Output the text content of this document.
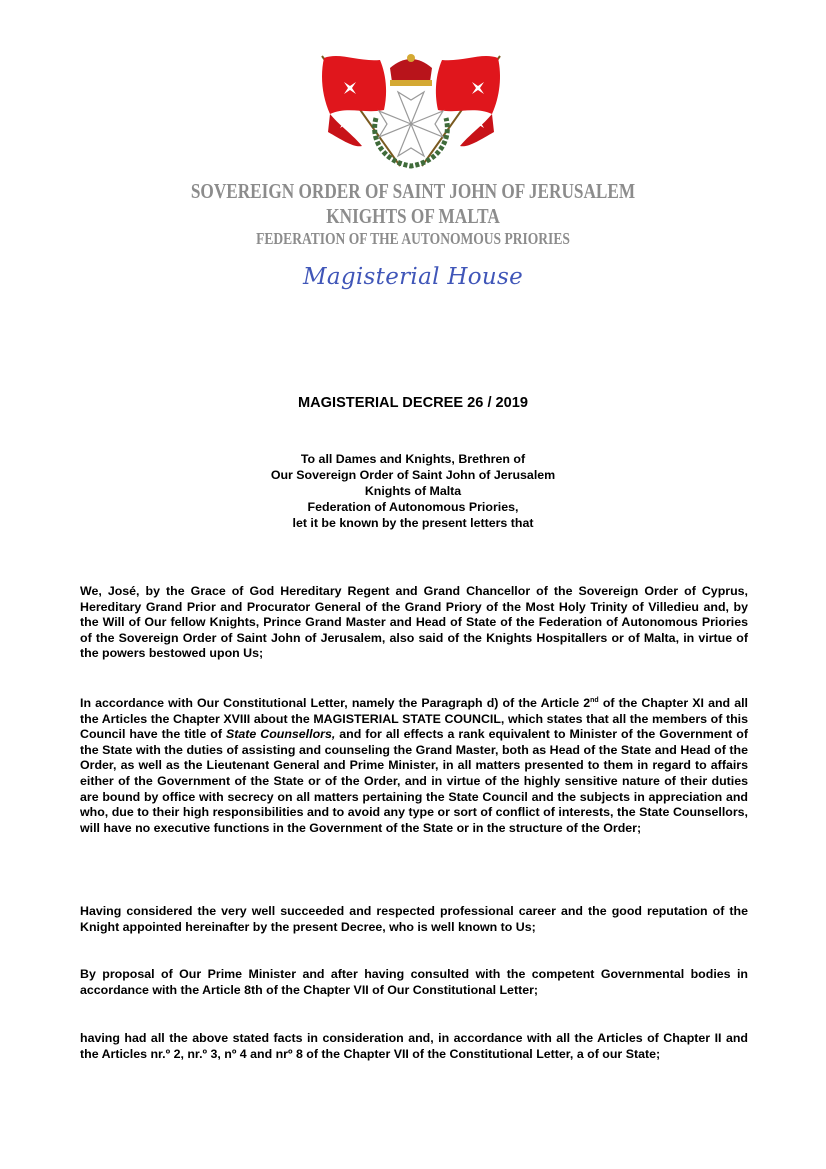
SOVEREIGN ORDER OF SAINT JOHN OF JERUSALEM
KNIGHTS OF MALTA
FEDERATION OF THE AUTONOMOUS PRIORIES
Magisterial House
MAGISTERIAL DECREE 26 / 2019
To all Dames and Knights, Brethren of
Our Sovereign Order of Saint John of Jerusalem
Knights of Malta
Federation of Autonomous Priories,
let it be known by the present letters that
We, José, by the Grace of God Hereditary Regent and Grand Chancellor of the Sovereign Order of Cyprus, Hereditary Grand Prior and Procurator General of the Grand Priory of the Most Holy Trinity of Villedieu and, by the Will of Our fellow Knights, Prince Grand Master and Head of State of the Federation of Autonomous Priories of the Sovereign Order of Saint John of Jerusalem, also said of the Knights Hospitallers or of Malta, in virtue of the powers bestowed upon Us;
In accordance with Our Constitutional Letter, namely the Paragraph d) of the Article 2nd of the Chapter XI and all the Articles the Chapter XVIII about the MAGISTERIAL STATE COUNCIL, which states that all the members of this Council have the title of State Counsellors, and for all effects a rank equivalent to Minister of the Government of the State with the duties of assisting and counseling the Grand Master, both as Head of the State and Head of the Order, as well as the Lieutenant General and Prime Minister, in all matters presented to them in regard to affairs either of the Government of the State or of the Order, and in virtue of the highly sensitive nature of their duties are bound by office with secrecy on all matters pertaining the State Council and the subjects in appreciation and who, due to their high responsibilities and to avoid any type or sort of conflict of interests, the State Counsellors, will have no executive functions in the Government of the State or in the structure of the Order;
Having considered the very well succeeded and respected professional career and the good reputation of the Knight appointed hereinafter by the present Decree, who is well known to Us;
By proposal of Our Prime Minister and after having consulted with the competent Governmental bodies in accordance with the Article 8th of the Chapter VII of Our Constitutional Letter;
having had all the above stated facts in consideration and, in accordance with all the Articles of Chapter II and the Articles nr.º 2, nr.º 3, nº 4 and nrº 8 of the Chapter VII of the Constitutional Letter, a of our State;
